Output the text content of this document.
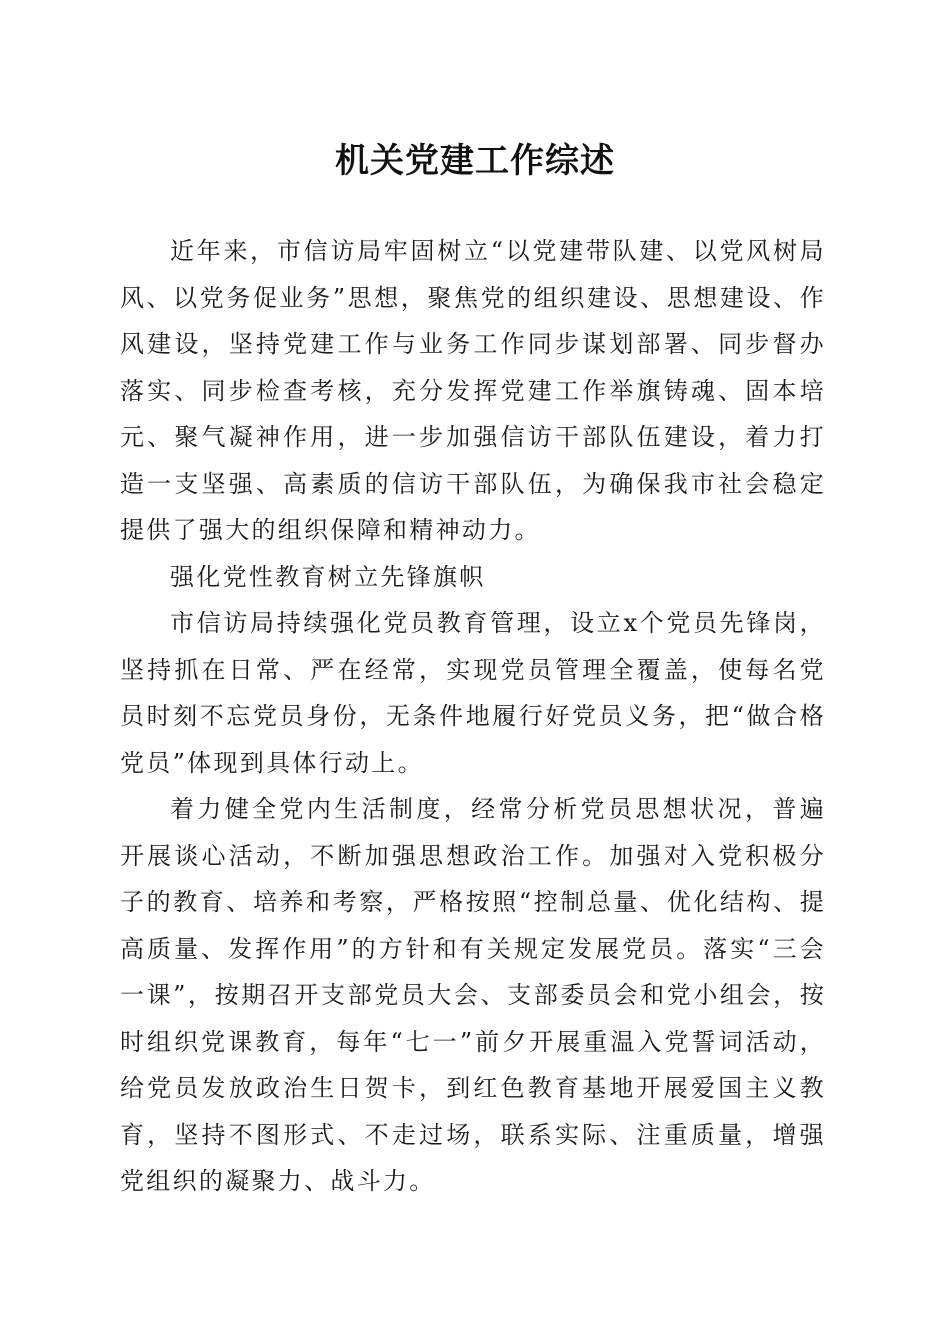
机关党建工作综述

近年来，市信访局牢固树立“以党建带队建、以党风树局风、以党务促业务”思想，聚焦党的组织建设、思想建设、作风建设，坚持党建工作与业务工作同步谋划部署、同步督办落实、同步检查考核，充分发挥党建工作举旗铸魂、固本培元、聚气凝神作用，进一步加强信访干部队伍建设，着力打造一支坚强、高素质的信访干部队伍，为确保我市社会稳定提供了强大的组织保障和精神动力。

强化党性教育树立先锋旗帜

市信访局持续强化党员教育管理，设立x个党员先锋岗，坚持抓在日常、严在经常，实现党员管理全覆盖，使每名党员时刻不忘党员身份，无条件地履行好党员义务，把“做合格党员”体现到具体行动上。

着力健全党内生活制度，经常分析党员思想状况，普遍开展谈心活动，不断加强思想政治工作。加强对入党积极分子的教育、培养和考察，严格按照“控制总量、优化结构、提高质量、发挥作用”的方针和有关规定发展党员。落实“三会一课”，按期召开支部党员大会、支部委员会和党小组会，按时组织党课教育，每年“七一”前夕开展重温入党誓词活动，给党员发放政治生日贺卡，到红色教育基地开展爱国主义教育，坚持不图形式、不走过场，联系实际、注重质量，增强党组织的凝聚力、战斗力。
